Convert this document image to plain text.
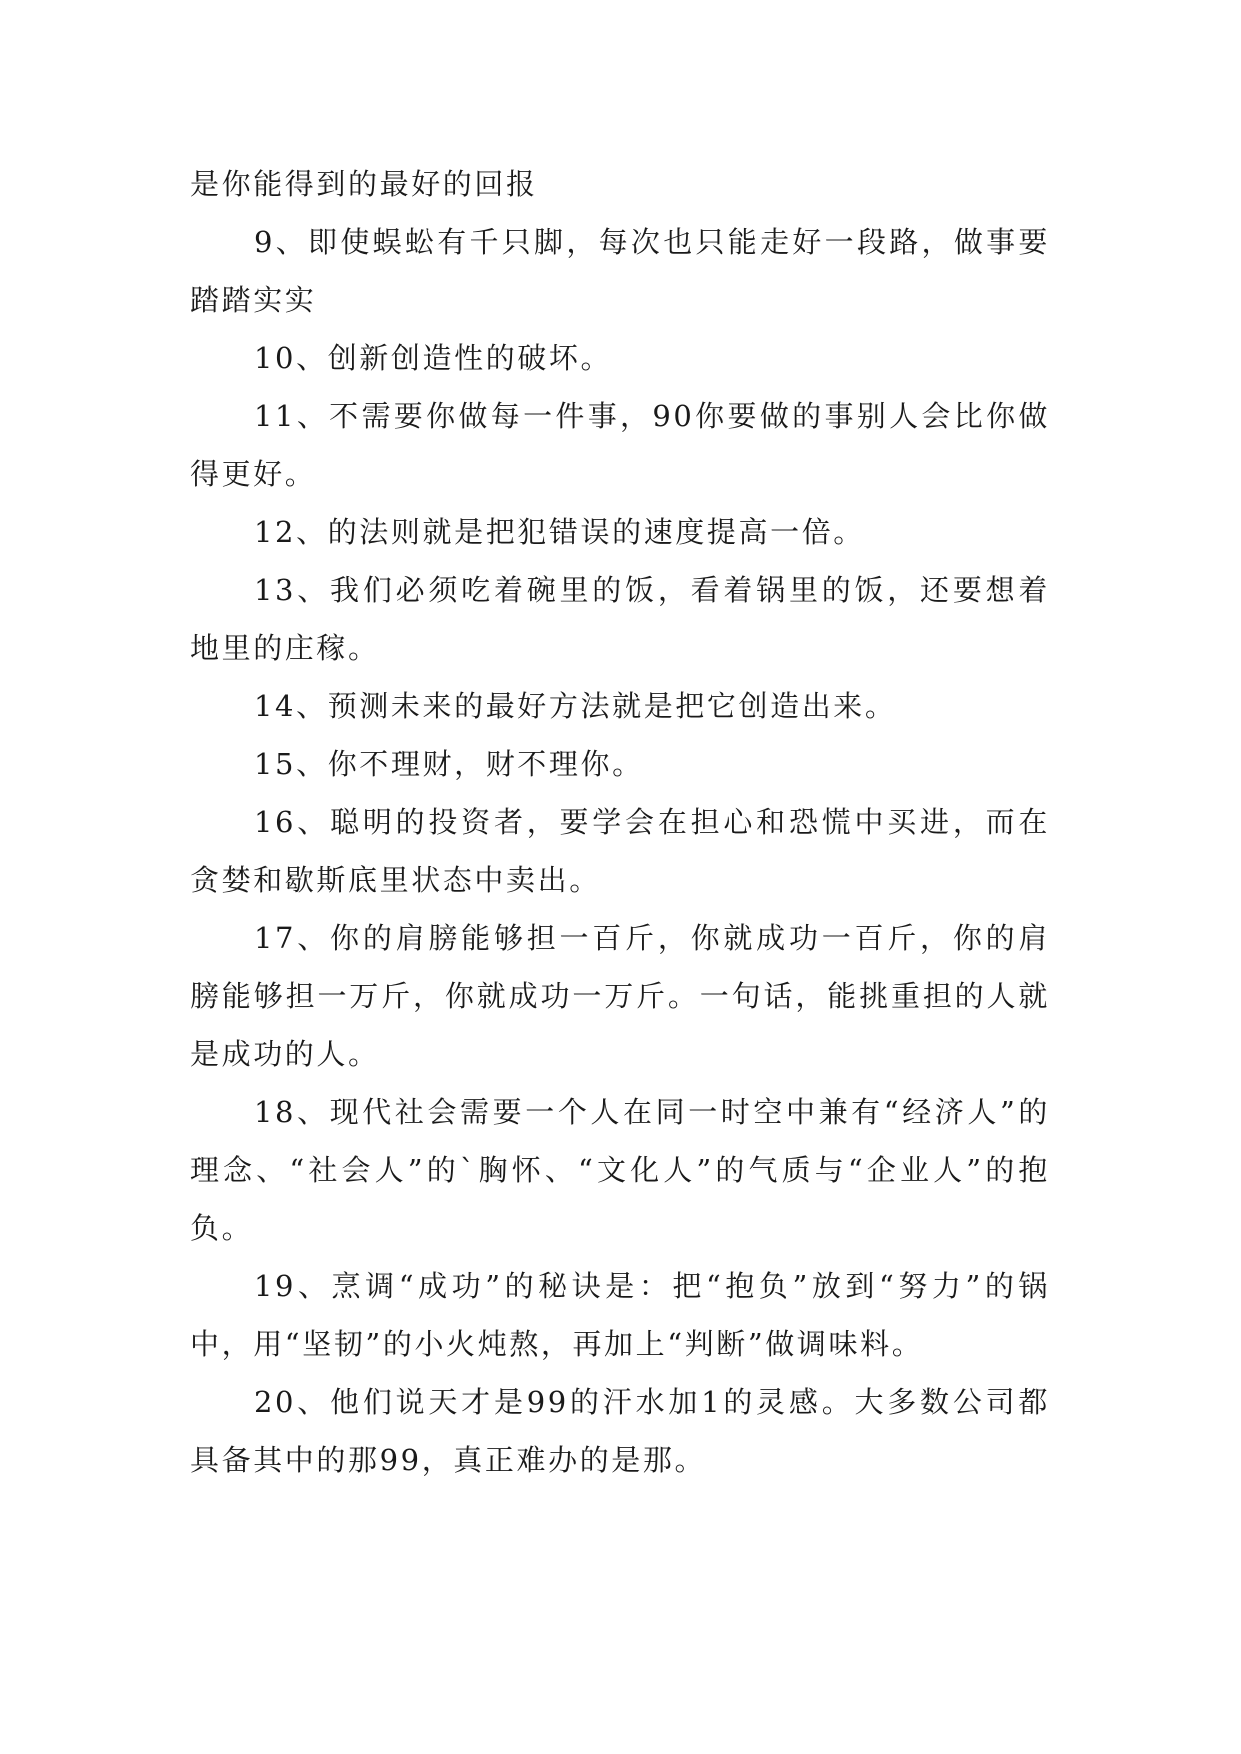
是你能得到的最好的回报

9、即使蜈蚣有千只脚，每次也只能走好一段路，做事要踏踏实实

10、创新创造性的破坏。

11、不需要你做每一件事，90你要做的事别人会比你做得更好。

12、的法则就是把犯错误的速度提高一倍。

13、我们必须吃着碗里的饭，看着锅里的饭，还要想着地里的庄稼。

14、预测未来的最好方法就是把它创造出来。

15、你不理财，财不理你。

16、聪明的投资者，要学会在担心和恐慌中买进，而在贪婪和歇斯底里状态中卖出。

17、你的肩膀能够担一百斤，你就成功一百斤，你的肩膀能够担一万斤，你就成功一万斤。一句话，能挑重担的人就是成功的人。

18、现代社会需要一个人在同一时空中兼有“经济人”的理念、“社会人”的`胸怀、“文化人”的气质与“企业人”的抱负。

19、烹调“成功”的秘诀是：把“抱负”放到“努力”的锅中，用“坚韧”的小火炖熬，再加上“判断”做调味料。

20、他们说天才是99的汗水加1的灵感。大多数公司都具备其中的那99，真正难办的是那。
